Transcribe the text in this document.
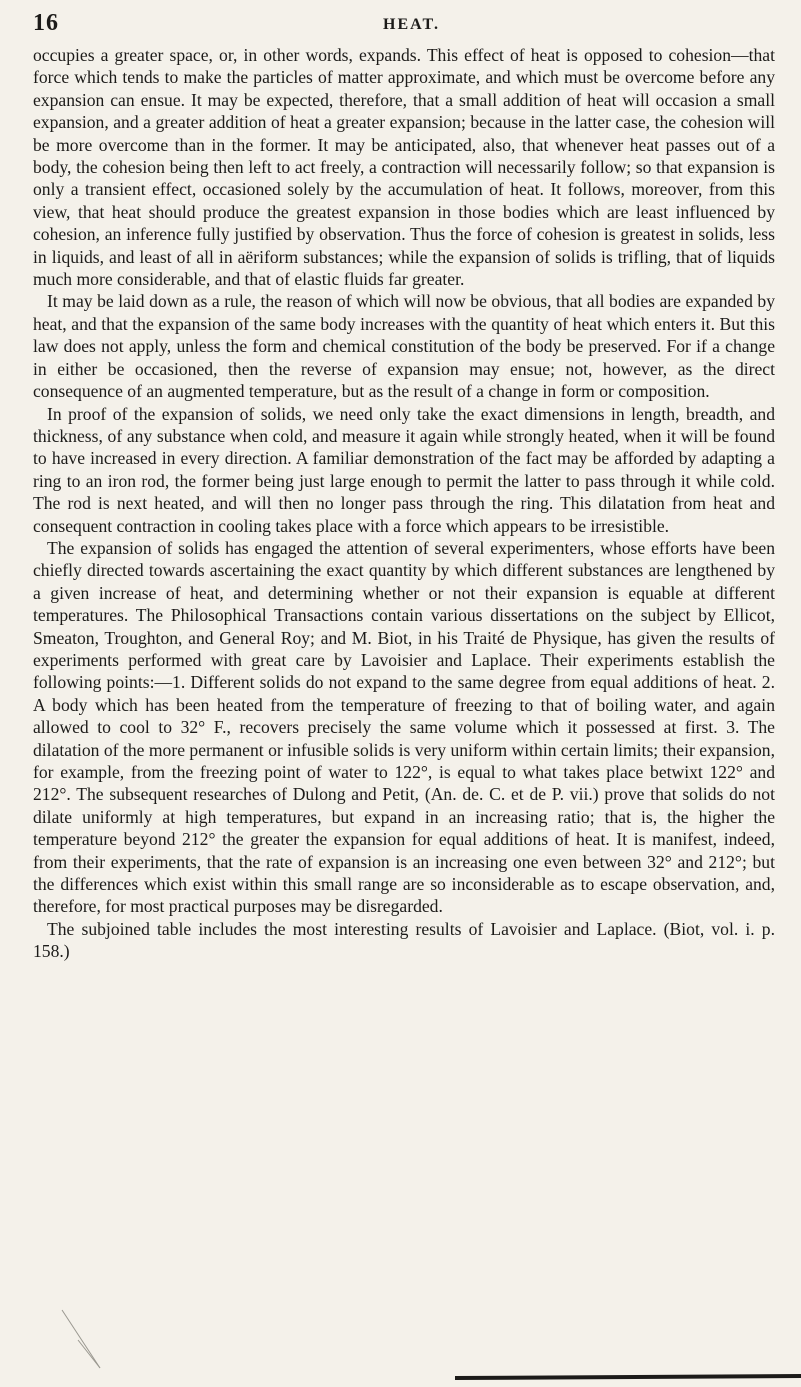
16	HEAT.

occupies a greater space, or, in other words, expands. This effect of heat is opposed to cohesion—that force which tends to make the particles of matter approximate, and which must be overcome before any expansion can ensue. It may be expected, therefore, that a small addition of heat will occasion a small expansion, and a greater addition of heat a greater expansion; because in the latter case, the cohesion will be more overcome than in the former. It may be anticipated, also, that whenever heat passes out of a body, the cohesion being then left to act freely, a contraction will necessarily follow; so that expansion is only a transient effect, occasioned solely by the accumulation of heat. It follows, moreover, from this view, that heat should produce the greatest expansion in those bodies which are least influenced by cohesion, an inference fully justified by observation. Thus the force of cohesion is greatest in solids, less in liquids, and least of all in aëriform substances; while the expansion of solids is trifling, that of liquids much more considerable, and that of elastic fluids far greater.

It may be laid down as a rule, the reason of which will now be obvious, that all bodies are expanded by heat, and that the expansion of the same body increases with the quantity of heat which enters it. But this law does not apply, unless the form and chemical constitution of the body be preserved. For if a change in either be occasioned, then the reverse of expansion may ensue; not, however, as the direct consequence of an augmented temperature, but as the result of a change in form or composition.

In proof of the expansion of solids, we need only take the exact dimensions in length, breadth, and thickness, of any substance when cold, and measure it again while strongly heated, when it will be found to have increased in every direction. A familiar demonstration of the fact may be afforded by adapting a ring to an iron rod, the former being just large enough to permit the latter to pass through it while cold. The rod is next heated, and will then no longer pass through the ring. This dilatation from heat and consequent contraction in cooling takes place with a force which appears to be irresistible.

The expansion of solids has engaged the attention of several experimenters, whose efforts have been chiefly directed towards ascertaining the exact quantity by which different substances are lengthened by a given increase of heat, and determining whether or not their expansion is equable at different temperatures. The Philosophical Transactions contain various dissertations on the subject by Ellicot, Smeaton, Troughton, and General Roy; and M. Biot, in his Traité de Physique, has given the results of experiments performed with great care by Lavoisier and Laplace. Their experiments establish the following points:—1. Different solids do not expand to the same degree from equal additions of heat. 2. A body which has been heated from the temperature of freezing to that of boiling water, and again allowed to cool to 32° F., recovers precisely the same volume which it possessed at first. 3. The dilatation of the more permanent or infusible solids is very uniform within certain limits; their expansion, for example, from the freezing point of water to 122°, is equal to what takes place betwixt 122° and 212°. The subsequent researches of Dulong and Petit, (An. de. C. et de P. vii.) prove that solids do not dilate uniformly at high temperatures, but expand in an increasing ratio; that is, the higher the temperature beyond 212° the greater the expansion for equal additions of heat. It is manifest, indeed, from their experiments, that the rate of expansion is an increasing one even between 32° and 212°; but the differences which exist within this small range are so inconsiderable as to escape observation, and, therefore, for most practical purposes may be disregarded.

The subjoined table includes the most interesting results of Lavoisier and Laplace. (Biot, vol. i. p. 158.)
